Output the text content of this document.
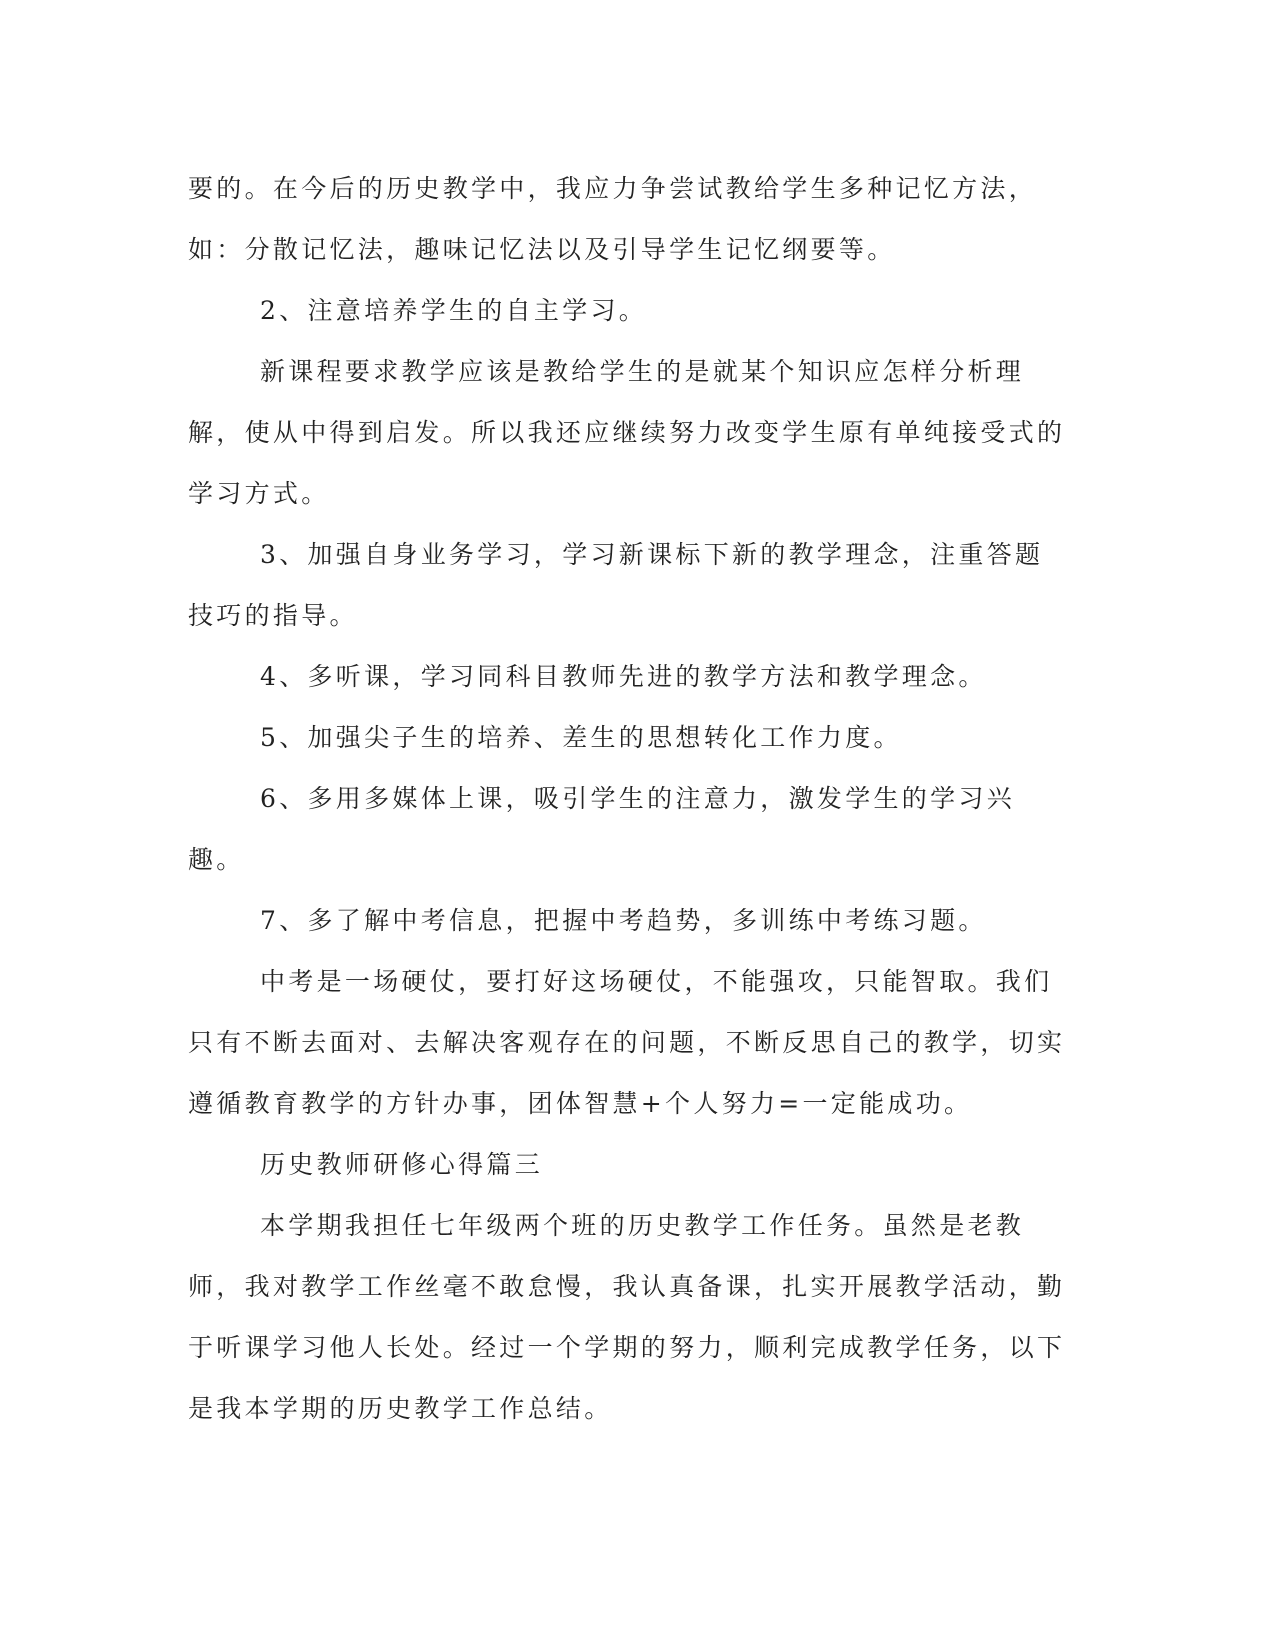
要的。在今后的历史教学中，我应力争尝试教给学生多种记忆方法，如：分散记忆法，趣味记忆法以及引导学生记忆纲要等。

2、注意培养学生的自主学习。

新课程要求教学应该是教给学生的是就某个知识应怎样分析理解，使从中得到启发。所以我还应继续努力改变学生原有单纯接受式的学习方式。

3、加强自身业务学习，学习新课标下新的教学理念，注重答题技巧的指导。

4、多听课，学习同科目教师先进的教学方法和教学理念。

5、加强尖子生的培养、差生的思想转化工作力度。

6、多用多媒体上课，吸引学生的注意力，激发学生的学习兴趣。

7、多了解中考信息，把握中考趋势，多训练中考练习题。

中考是一场硬仗，要打好这场硬仗，不能强攻，只能智取。我们只有不断去面对、去解决客观存在的问题，不断反思自己的教学，切实遵循教育教学的方针办事，团体智慧+个人努力=一定能成功。

历史教师研修心得篇三

本学期我担任七年级两个班的历史教学工作任务。虽然是老教师，我对教学工作丝毫不敢怠慢，我认真备课，扎实开展教学活动，勤于听课学习他人长处。经过一个学期的努力，顺利完成教学任务，以下是我本学期的历史教学工作总结。
